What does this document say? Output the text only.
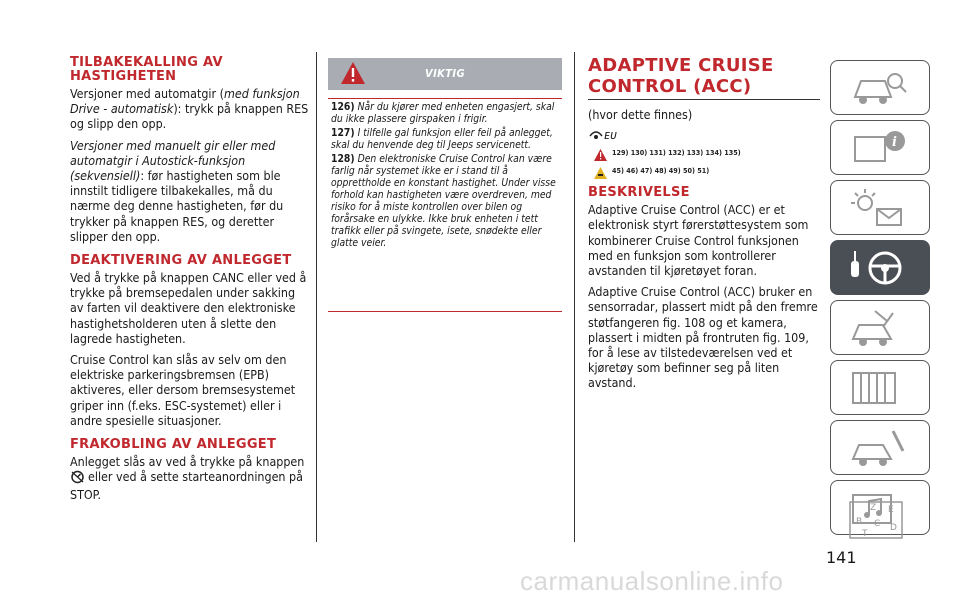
TILBAKEKALLING AV HASTIGHETEN

Versjoner med automatgir (med funksjon Drive - automatisk): trykk på knappen RES og slipp den opp.

Versjoner med manuelt gir eller med automatgir i Autostick-funksjon (sekvensiell): før hastigheten som ble innstilt tidligere tilbakekalles, må du nærme deg denne hastigheten, før du trykker på knappen RES, og deretter slipper den opp.

DEAKTIVERING AV ANLEGGET

Ved å trykke på knappen CANC eller ved å trykke på bremsepedalen under sakking av farten vil deaktivere den elektroniske hastighetsholderen uten å slette den lagrede hastigheten.

Cruise Control kan slås av selv om den elektriske parkeringsbremsen (EPB) aktiveres, eller dersom bremsesystemet griper inn (f.eks. ESC-systemet) eller i andre spesielle situasjoner.

FRAKOBLING AV ANLEGGET

Anlegget slås av ved å trykke på knappen
eller ved å sette starteanordningen på STOP.

VIKTIG
126) Når du kjører med enheten engasjert, skal du ikke plassere girspaken i frigir.
127) I tilfelle gal funksjon eller feil på anlegget, skal du henvende deg til Jeeps servicenett.
128) Den elektroniske Cruise Control kan være farlig når systemet ikke er i stand til å opprettholde en konstant hastighet. Under visse forhold kan hastigheten være overdreven, med risiko for å miste kontrollen over bilen og forårsake en ulykke. Ikke bruk enheten i tett trafikk eller på svingete, isete, snødekte eller glatte veier.
ADAPTIVE CRUISE
CONTROL (ACC)

(hvor dette finnes)

ᴇᴜ
129) 130) 131) 132) 133) 134) 135)
45) 46) 47) 48) 49) 50) 51)
BESKRIVELSE

Adaptive Cruise Control (ACC) er et elektronisk styrt førerstøttesystem som kombinerer Cruise Control funksjonen med en funksjon som kontrollerer avstanden til kjøretøyet foran.

Adaptive Cruise Control (ACC) bruker en sensorradar, plassert midt på den fremre støtfangeren fig. 108 og et kamera, plassert i midten på frontruten fig. 109, for å lese av tilstedeværelsen ved et kjøretøy som befinner seg på liten avstand.

i
Z E
B C D
T
141
carmanualsonline.info
